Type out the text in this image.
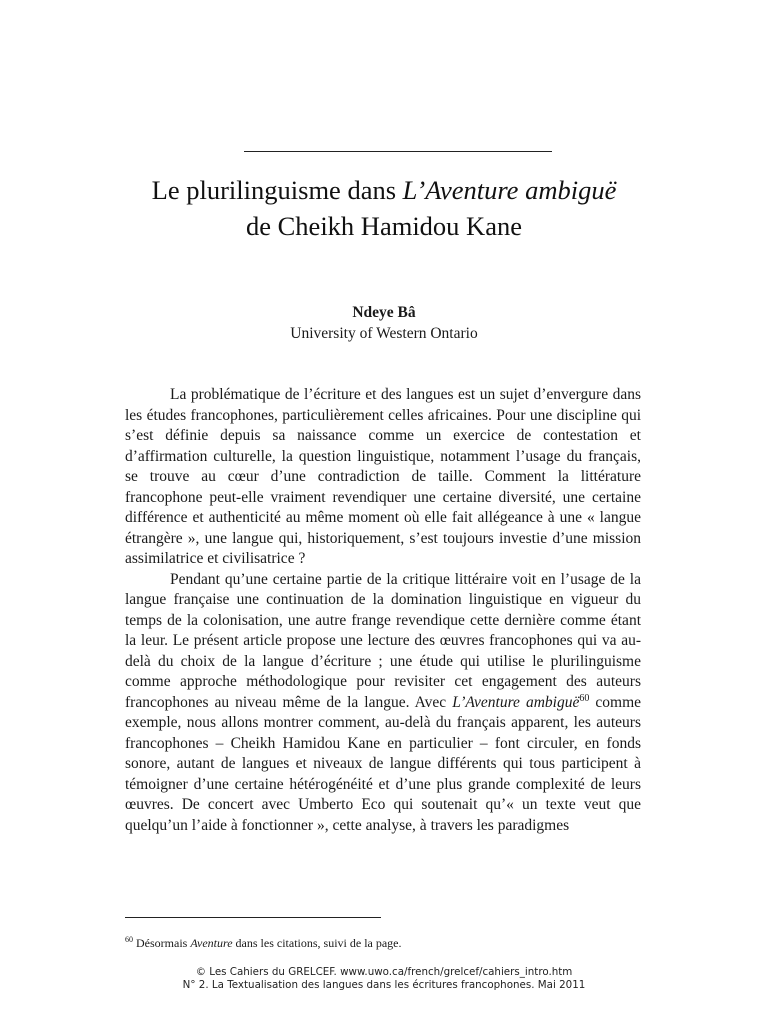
Le plurilinguisme dans L’Aventure ambiguë
de Cheikh Hamidou Kane
Ndeye Bâ
University of Western Ontario

La problématique de l’écriture et des langues est un sujet d’envergure dans les études francophones, particulièrement celles africaines. Pour une discipline qui s’est définie depuis sa naissance comme un exercice de contestation et d’affirmation culturelle, la question linguistique, notamment l’usage du français, se trouve au cœur d’une contradiction de taille. Comment la littérature francophone peut-elle vraiment revendiquer une certaine diversité, une certaine différence et authenticité au même moment où elle fait allégeance à une « langue étrangère », une langue qui, historiquement, s’est toujours investie d’une mission assimilatrice et civilisatrice ?

Pendant qu’une certaine partie de la critique littéraire voit en l’usage de la langue française une continuation de la domination linguistique en vigueur du temps de la colonisation, une autre frange revendique cette dernière comme étant la leur. Le présent article propose une lecture des œuvres francophones qui va au-delà du choix de la langue d’écriture ; une étude qui utilise le plurilinguisme comme approche méthodologique pour revisiter cet engagement des auteurs francophones au niveau même de la langue. Avec L’Aventure ambiguë$^{60}$ comme exemple, nous allons montrer comment, au-delà du français apparent, les auteurs francophones – Cheikh Hamidou Kane en particulier – font circuler, en fonds sonore, autant de langues et niveaux de langue différents qui tous participent à témoigner d’une certaine hétérogénéité et d’une plus grande complexité de leurs œuvres. De concert avec Umberto Eco qui soutenait qu’« un texte veut que quelqu’un l’aide à fonctionner », cette analyse, à travers les paradigmes

$^{60}$ Désormais Aventure dans les citations, suivi de la page.
© Les Cahiers du GRELCEF. www.uwo.ca/french/grelcef/cahiers_intro.htm
N° 2. La Textualisation des langues dans les écritures francophones. Mai 2011
